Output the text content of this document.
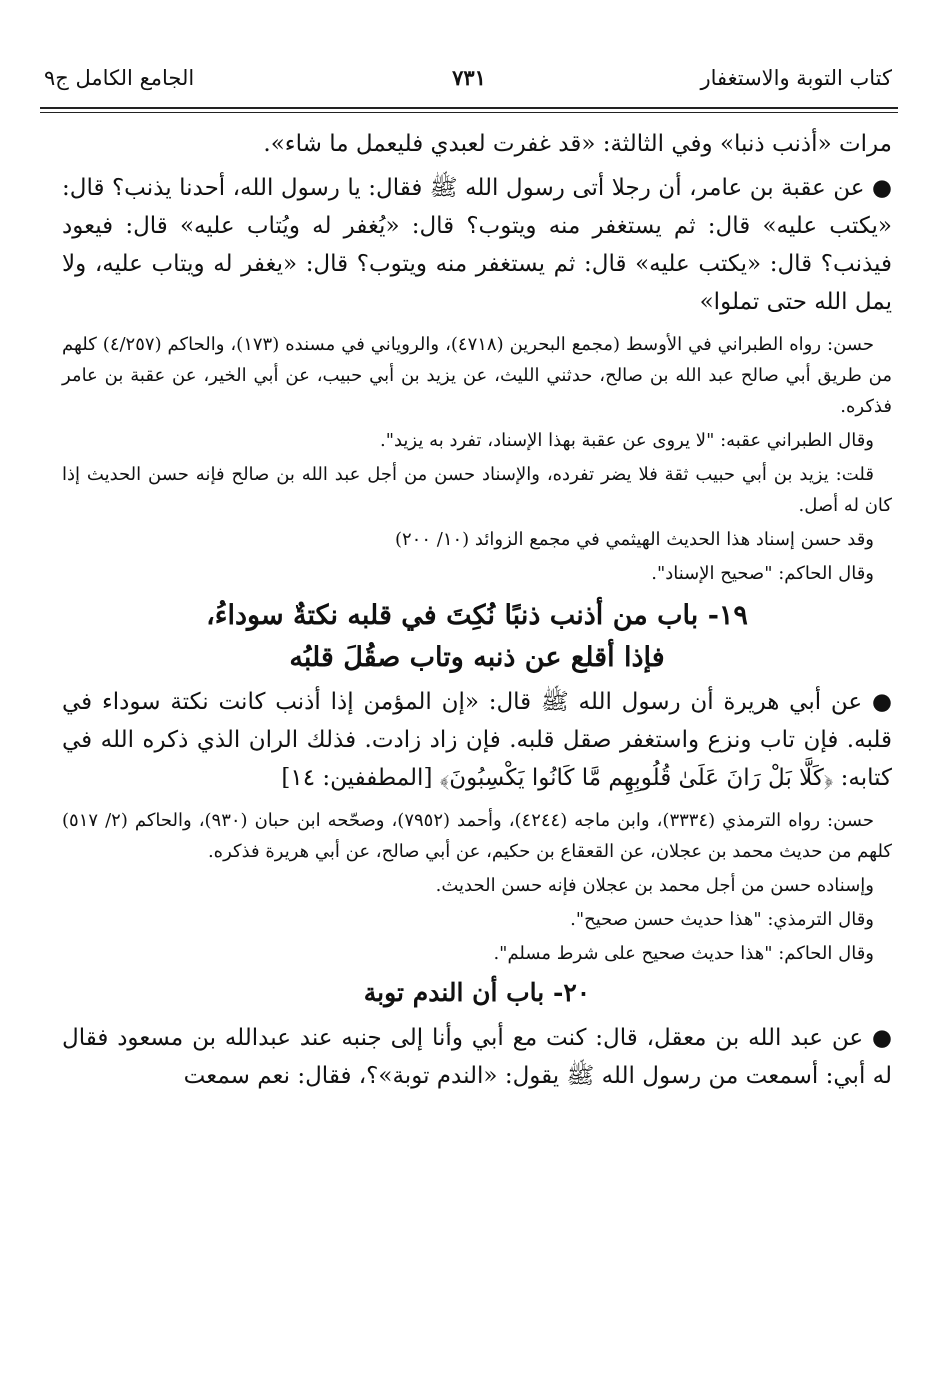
كتاب التوبة والاستغفار
٧٣١
الجامع الكامل ج٩

مرات «أذنب ذنبا» وفي الثالثة: «قد غفرت لعبدي فليعمل ما شاء».

● عن عقبة بن عامر، أن رجلا أتى رسول الله ﷺ فقال: يا رسول الله، أحدنا يذنب؟ قال: «يكتب عليه» قال: ثم يستغفر منه ويتوب؟ قال: «يُغفر له ويُتاب عليه» قال: فيعود فيذنب؟ قال: «يكتب عليه» قال: ثم يستغفر منه ويتوب؟ قال: «يغفر له ويتاب عليه، ولا يمل الله حتى تملوا»

حسن: رواه الطبراني في الأوسط (مجمع البحرين (٤٧١٨)، والروياني في مسنده (١٧٣)، والحاكم (٤/٢٥٧) كلهم من طريق أبي صالح عبد الله بن صالح، حدثني الليث، عن يزيد بن أبي حبيب، عن أبي الخير، عن عقبة بن عامر فذكره.

وقال الطبراني عقبه: "لا يروى عن عقبة بهذا الإسناد، تفرد به يزيد".

قلت: يزيد بن أبي حبيب ثقة فلا يضر تفرده، والإسناد حسن من أجل عبد الله بن صالح فإنه حسن الحديث إذا كان له أصل.

وقد حسن إسناد هذا الحديث الهيثمي في مجمع الزوائد (١٠/ ٢٠٠)

وقال الحاكم: "صحيح الإسناد".

١٩- باب من أذنب ذنبًا نُكِتَ في قلبه نكتةٌ سوداءُ،
فإذا أقلع عن ذنبه وتاب صقُلَ قلبُه

● عن أبي هريرة أن رسول الله ﷺ قال: «إن المؤمن إذا أذنب كانت نكتة سوداء في قلبه. فإن تاب ونزع واستغفر صقل قلبه. فإن زاد زادت. فذلك الران الذي ذكره الله في كتابه: ﴿كَلَّا بَلْ رَانَ عَلَىٰ قُلُوبِهِم مَّا كَانُوا يَكْسِبُونَ﴾ [المطففين: ١٤]

حسن: رواه الترمذي (٣٣٣٤)، وابن ماجه (٤٢٤٤)، وأحمد (٧٩٥٢)، وصحّحه ابن حبان (٩٣٠)، والحاكم (٢/ ٥١٧) كلهم من حديث محمد بن عجلان، عن القعقاع بن حكيم، عن أبي صالح، عن أبي هريرة فذكره.

وإسناده حسن من أجل محمد بن عجلان فإنه حسن الحديث.

وقال الترمذي: "هذا حديث حسن صحيح".

وقال الحاكم: "هذا حديث صحيح على شرط مسلم".

٢٠- باب أن الندم توبة

● عن عبد الله بن معقل، قال: كنت مع أبي وأنا إلى جنبه عند عبدالله بن مسعود فقال له أبي: أسمعت من رسول الله ﷺ يقول: «الندم توبة»؟، فقال: نعم سمعت
